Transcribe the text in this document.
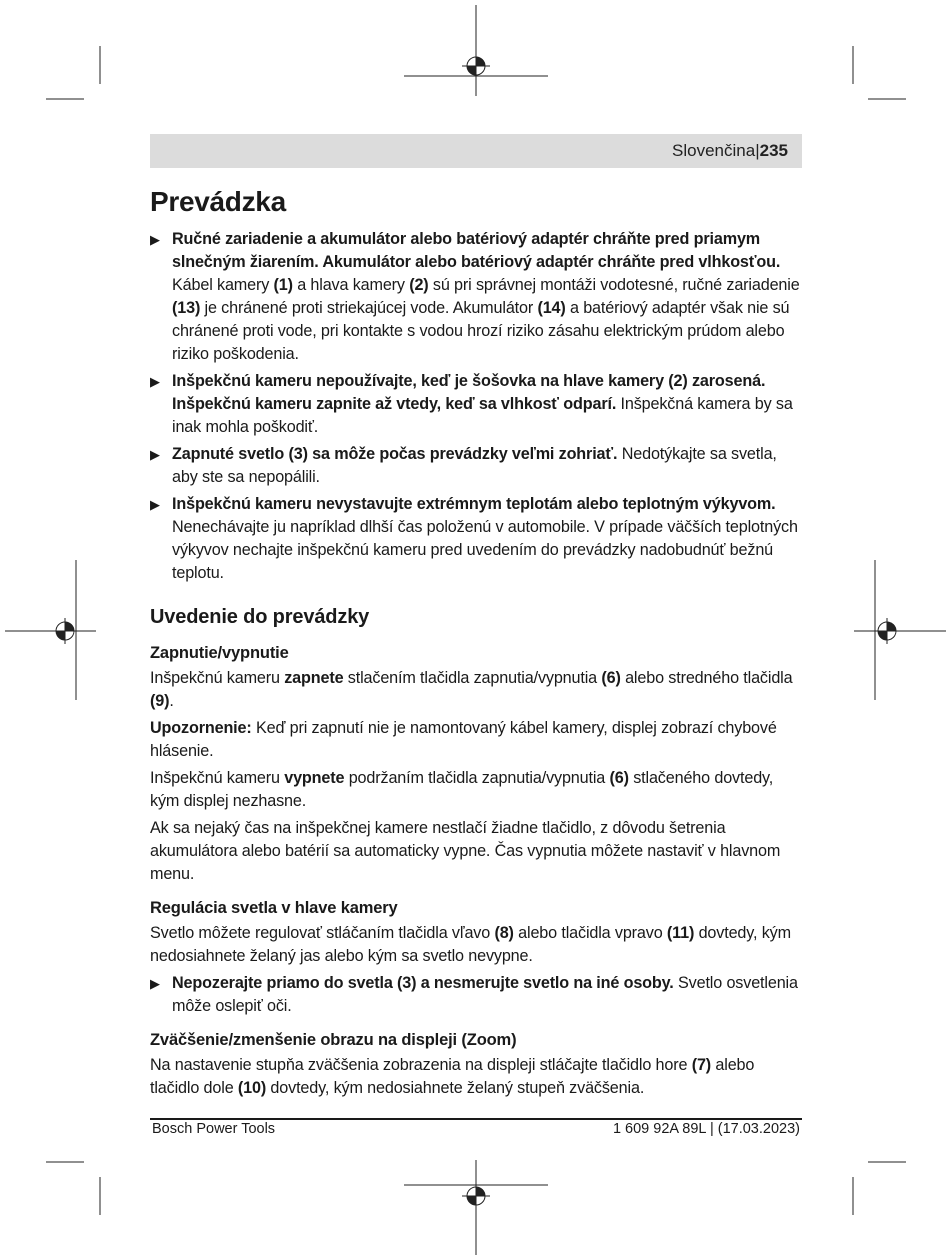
Slovenčina|235
Prevádzka
▶ Ručné zariadenie a akumulátor alebo batériový adaptér chráňte pred priamym slnečným žiarením. Akumulátor alebo batériový adaptér chráňte pred vlhkosťou. Kábel kamery (1) a hlava kamery (2) sú pri správnej montáži vodotesné, ručné zariadenie (13) je chránené proti striekajúcej vode. Akumulátor (14) a batériový adaptér však nie sú chránené proti vode, pri kontakte s vodou hrozí riziko zásahu elektrickým prúdom alebo riziko poškodenia.
▶ Inšpekčnú kameru nepoužívajte, keď je šošovka na hlave kamery (2) zarosená. Inšpekčnú kameru zapnite až vtedy, keď sa vlhkosť odparí. Inšpekčná kamera by sa inak mohla poškodiť.
▶ Zapnuté svetlo (3) sa môže počas prevádzky veľmi zohriať. Nedotýkajte sa svetla, aby ste sa nepopálili.
▶ Inšpekčnú kameru nevystavujte extrémnym teplotám alebo teplotným výkyvom. Nenechávajte ju napríklad dlhší čas položenú v automobile. V prípade väčších teplotných výkyvov nechajte inšpekčnú kameru pred uvedením do prevádzky nadobudnúť bežnú teplotu.
Uvedenie do prevádzky
Zapnutie/vypnutie

Inšpekčnú kameru zapnete stlačením tlačidla zapnutia/vypnutia (6) alebo stredného tlačidla (9).

Upozornenie: Keď pri zapnutí nie je namontovaný kábel kamery, displej zobrazí chybové hlásenie.

Inšpekčnú kameru vypnete podržaním tlačidla zapnutia/vypnutia (6) stlačeného dovtedy, kým displej nezhasne.

Ak sa nejaký čas na inšpekčnej kamere nestlačí žiadne tlačidlo, z dôvodu šetrenia akumulátora alebo batérií sa automaticky vypne. Čas vypnutia môžete nastaviť v hlavnom menu.

Regulácia svetla v hlave kamery

Svetlo môžete regulovať stláčaním tlačidla vľavo (8) alebo tlačidla vpravo (11) dovtedy, kým nedosiahnete želaný jas alebo kým sa svetlo nevypne.

▶ Nepozerajte priamo do svetla (3) a nesmerujte svetlo na iné osoby. Svetlo osvetlenia môže oslepiť oči.
Zväčšenie/zmenšenie obrazu na displeji (Zoom)

Na nastavenie stupňa zväčšenia zobrazenia na displeji stláčajte tlačidlo hore (7) alebo tlačidlo dole (10) dovtedy, kým nedosiahnete želaný stupeň zväčšenia.

Bosch Power Tools	1 609 92A 89L | (17.03.2023)
